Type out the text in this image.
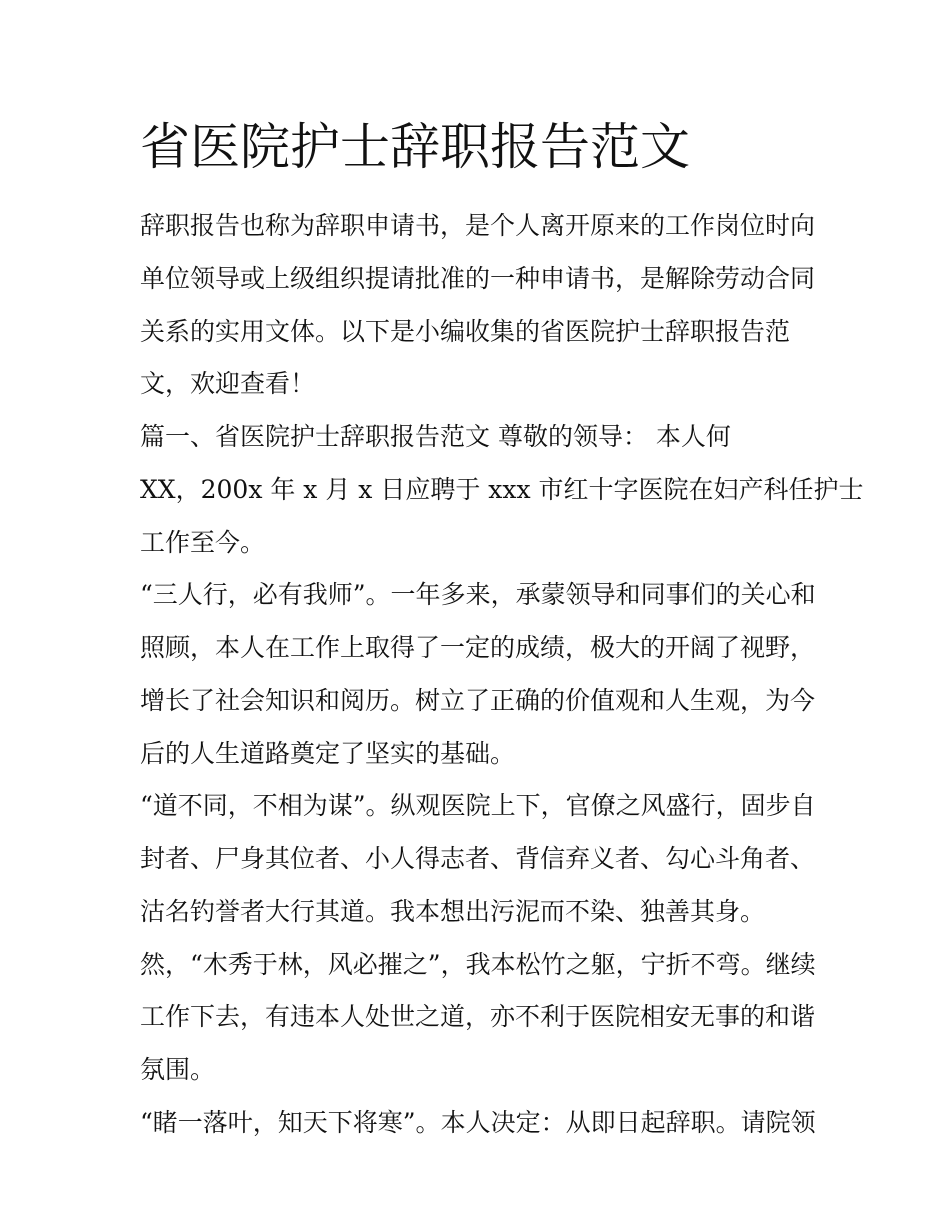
省医院护士辞职报告范文
辞职报告也称为辞职申请书，是个人离开原来的工作岗位时向
单位领导或上级组织提请批准的一种申请书，是解除劳动合同
关系的实用文体。以下是小编收集的省医院护士辞职报告范
文，欢迎查看！
篇一、省医院护士辞职报告范文 尊敬的领导： 本人何
XX，200x 年 x 月 x 日应聘于 xxx 市红十字医院在妇产科任护士
工作至今。
“三人行，必有我师”。一年多来，承蒙领导和同事们的关心和
照顾，本人在工作上取得了一定的成绩，极大的开阔了视野，
增长了社会知识和阅历。树立了正确的价值观和人生观，为今
后的人生道路奠定了坚实的基础。
“道不同，不相为谋”。纵观医院上下，官僚之风盛行，固步自
封者、尸身其位者、小人得志者、背信弃义者、勾心斗角者、
沽名钓誉者大行其道。我本想出污泥而不染、独善其身。
然，“木秀于林，风必摧之”，我本松竹之躯，宁折不弯。继续
工作下去，有违本人处世之道，亦不利于医院相安无事的和谐
氛围。
“睹一落叶，知天下将寒”。本人决定：从即日起辞职。请院领
